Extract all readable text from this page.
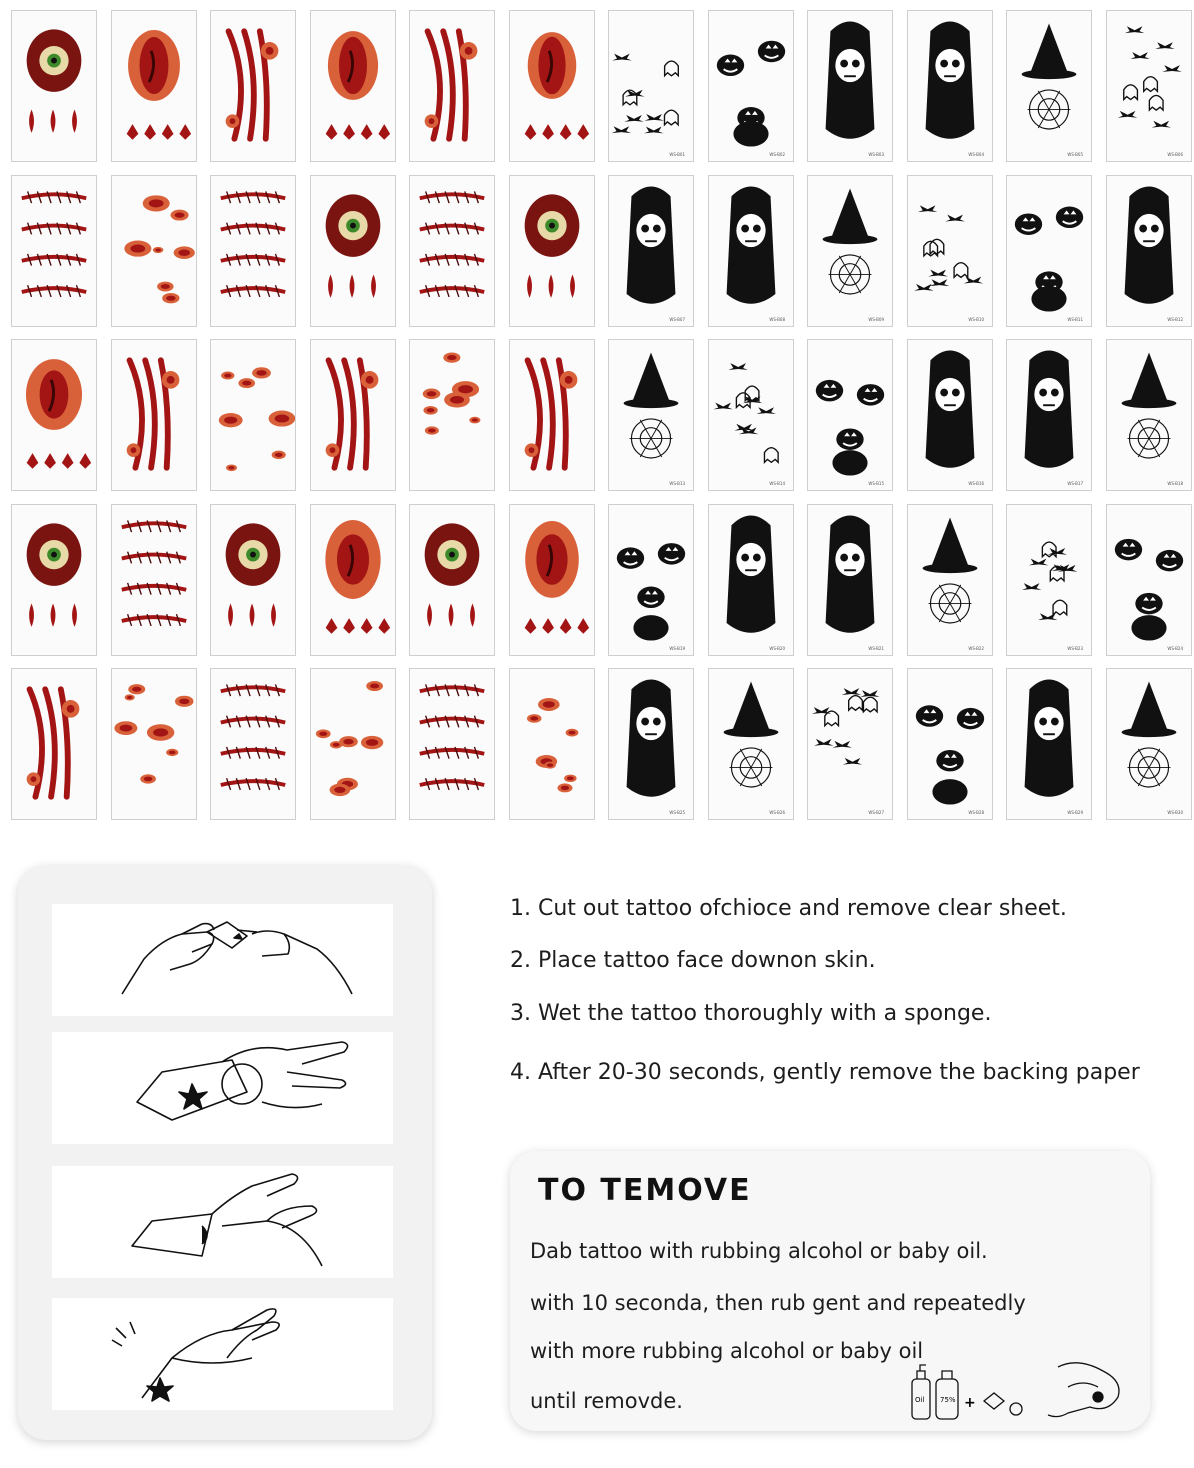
WS-B01	WS-B02	WS-B03	WS-B04	WS-B05	WS-B06
WS-B07	WS-B08	WS-B09	WS-B10	WS-B11	WS-B12
WS-B13	WS-B14	WS-B15	WS-B16	WS-B17	WS-B18
WS-B19	WS-B20	WS-B21	WS-B22	WS-B23	WS-B24
WS-B25	WS-B26	WS-B27	WS-B28	WS-B29	WS-B30
1. Cut out tattoo ofchioce and remove clear sheet.
2. Place tattoo face downon skin.
3. Wet the tattoo thoroughly with a sponge.
4. After 20-30 seconds, gently remove the backing paper
TO TEMOVE
Dab tattoo with rubbing alcohol or baby oil.
with 10 seconda, then rub gent and repeatedly
with more rubbing alcohol or baby oil
until removde.	Oil 75% +
